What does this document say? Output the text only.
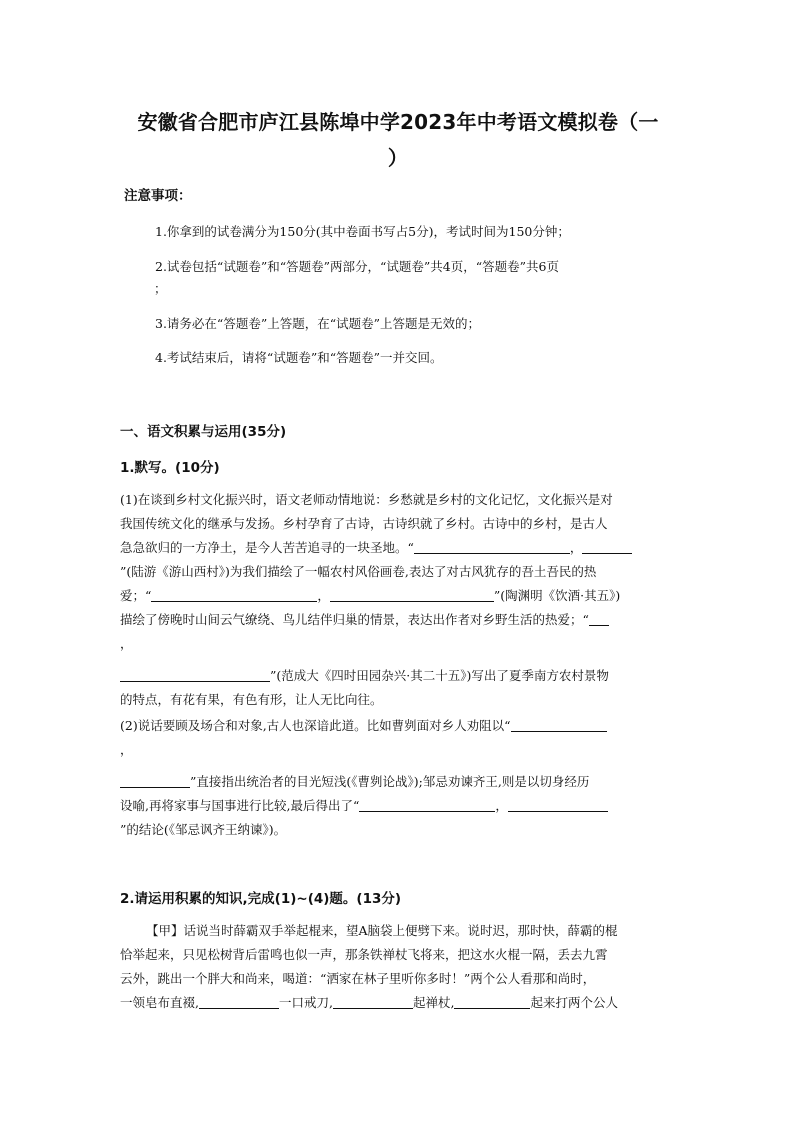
安徽省合肥市庐江县陈埠中学2023年中考语文模拟卷（一
）
注意事项：
1.你拿到的试卷满分为150分(其中卷面书写占5分)，考试时间为150分钟；
2.试卷包括“试题卷”和“答题卷”两部分，“试题卷”共4页，“答题卷”共6页
；
3.请务必在“答题卷”上答题，在“试题卷”上答题是无效的；
4.考试结束后，请将“试题卷”和“答题卷”一并交回。
一、语文积累与运用(35分)
1.默写。(10分)
(1)在谈到乡村文化振兴时，语文老师动情地说：乡愁就是乡村的文化记忆，文化振兴是对
我国传统文化的继承与发扬。乡村孕育了古诗，古诗织就了乡村。古诗中的乡村，是古人
急急欲归的一方净土，是今人苦苦追寻的一块圣地。“	，
”(陆游《游山西村》)为我们描绘了一幅农村风俗画卷,表达了对古风犹存的吾土吾民的热
爱；“	，	”(陶渊明《饮酒·其五》)
描绘了傍晚时山间云气缭绕、鸟儿结伴归巢的情景，表达出作者对乡野生活的热爱；“
，
”(范成大《四时田园杂兴·其二十五》)写出了夏季南方农村景物
的特点，有花有果，有色有形，让人无比向往。
(2)说话要顾及场合和对象,古人也深谙此道。比如曹刿面对乡人劝阻以“
，
”直接指出统治者的目光短浅(《曹刿论战》);邹忌劝谏齐王,则是以切身经历
设喻,再将家事与国事进行比较,最后得出了“	，
”的结论(《邹忌讽齐王纳谏》)。
2.请运用积累的知识,完成(1)~(4)题。(13分)
【甲】话说当时薛霸双手举起棍来，望A脑袋上便劈下来。说时迟，那时快，薛霸的棍
恰举起来，只见松树背后雷鸣也似一声，那条铁禅杖飞将来，把这水火棍一隔，丢去九霄
云外，跳出一个胖大和尚来，喝道：“洒家在林子里听你多时！”两个公人看那和尚时，
一领皂布直裰,	一口戒刀,	起禅杖,	起来打两个公人
